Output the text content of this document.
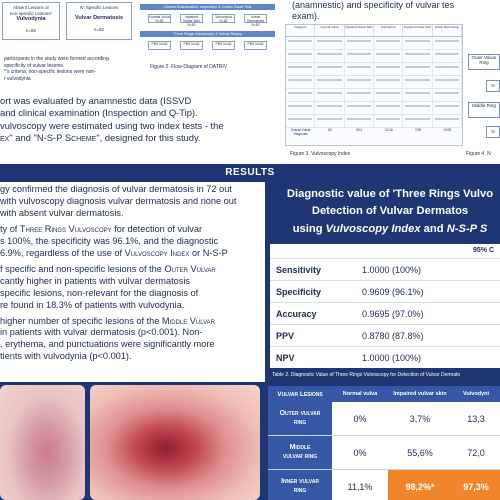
Absent Lesions or
non-specific Lesions*
Vulvodynia
n=82
IV. Specific Lesions
Vulvar Dermatosis
n=82
participants in the study were formed according
specificity of vulvar lesions.
*'s criteria; non-specific lesions were non-
r vulvodynia
Clinical Examination: Inspection & Cotton Swab Test
Normal Vulva
N=82
Impaired Vulvar Skin
N=82
Vulvodynia
N=82
Vulvar Dermatosis
N=82
Three Rings Vulvoscopy & Vulvar Biopsy
PNS N=82	PNS N=82	PNS N=82	PNS N=82
Figure 2. Flow-Diagram of DATRIV
(anamnestic) and specificity of vulvar tes
exam).
Category	Normal Vulva	Impaired Vulvar Skin	Vulvodynia	Impaired Vulvar Skin	Vulvar Dermatosis
Overall Vulvar Diagnosis
0/2	8/11	12/16	7/28	19/30
Figure 3. Vulvoscopy Index
Outer Vulvar Ring
N
Middle Ring
N
Figure 4. N
ort was evaluated by anamnestic data (ISSVD
and clinical examination (Inspection and Q-Tip).
vulvoscopy were estimated using two index tests - the
ex" and "N-S-P Scheme", designed for this study.
RESULTS

gy confirmed the diagnosis of vulvar dermatosis in 72 out
with vulvoscopy diagnosis vulvar dermatosis and none out
with absent vulvar dermatosis.

ty of Three Rings Vulvoscopy for detection of vulvar
s 100%, the specificity was 96.1%, and the diagnostic
6.9%, regardless of the use of Vulvoscopy Index or N-S-P

f specific and non-specific lesions of the Outer Vulvar
cantly higher in patients with vulvar dermatosis
specific lesions, non-relevant for the diagnosis of
re found in 18.3% of patients with vulvodynia.

higher number of specific lesions of the Middle Vulvar
in patients with vulvar dermatosis (p<0.001). Non-
, erythema, and punctuations were significantly more
tients with vulvodynia (p<0.001).

Diagnostic value of 'Three Rings Vulvo
Detection of Vulvar Dermatos
using Vulvoscopy Index and N-S-P S
95% C
Sensitivity	1.0000 (100%)
Specificity	0.9609 (96.1%)
Accuracy	0.9695 (97.0%)
PPV	0.8780 (87.8%)
NPV	1.0000 (100%)
Table 2. Diagnostic Value of Three Rings Vulvoscopy for Detection of Vulvar Dermato
Vulvar Lesions	Normal vulva	Impaired vulvar skin	Vulvodyni
Outer vulvar
ring	0%	3,7%	13,3
Middle
vulvar ring	0%	55,6%	72,0
Inner vulvar
ring	11,1%	98,2%*	97,3%
